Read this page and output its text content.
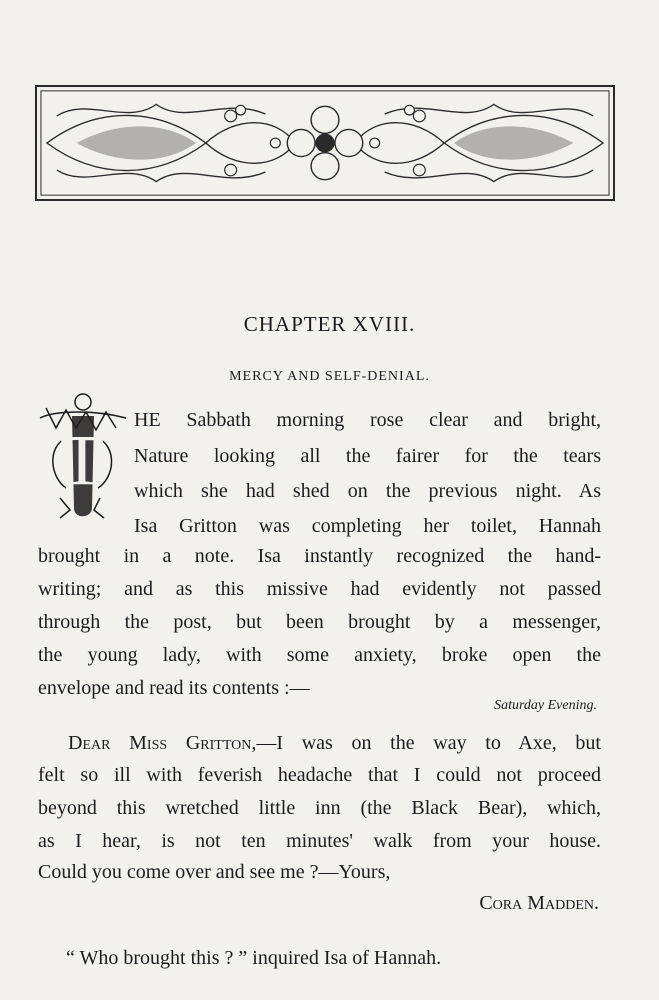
CHAPTER XVIII.
MERCY AND SELF-DENIAL.
T HE Sabbath morning rose clear and bright,
Nature looking all the fairer for the tears
which she had shed on the previous night. As
Isa Gritton was completing her toilet, Hannah
brought in a note. Isa instantly recognized the hand-
writing; and as this missive had evidently not passed
through the post, but been brought by a messenger,
the young lady, with some anxiety, broke open the
envelope and read its contents :—
Saturday Evening.
Dear Miss Gritton,—I was on the way to Axe, but
felt so ill with feverish headache that I could not proceed
beyond this wretched little inn (the Black Bear), which,
as I hear, is not ten minutes' walk from your house.
Could you come over and see me ?—Yours,
Cora Madden.
“ Who brought this ? ” inquired Isa of Hannah.
